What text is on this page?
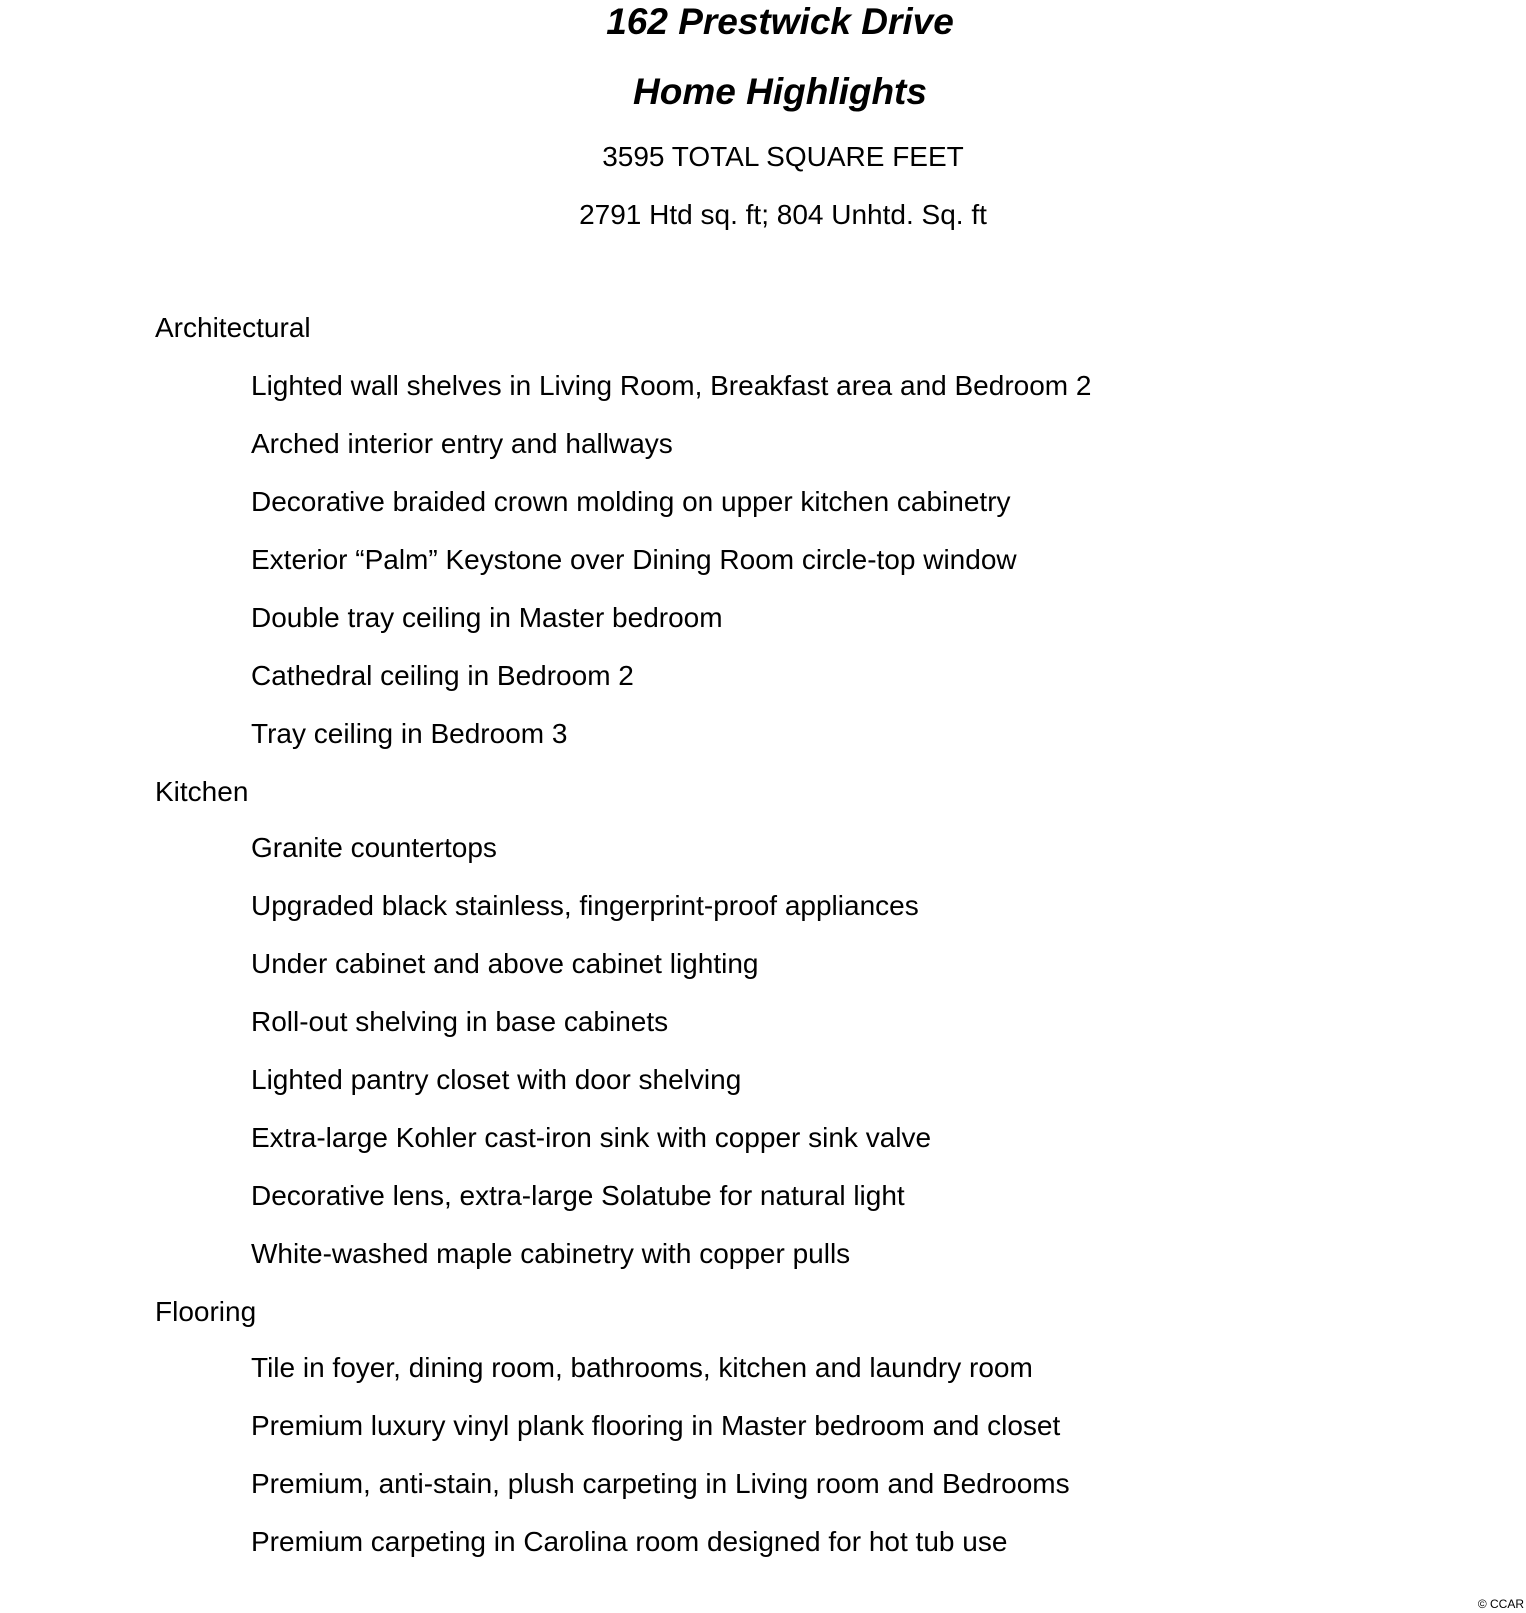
162 Prestwick Drive
Home Highlights

3595 TOTAL SQUARE FEET

2791 Htd sq. ft; 804 Unhtd. Sq. ft

Architectural

Lighted wall shelves in Living Room, Breakfast area and Bedroom 2

Arched interior entry and hallways

Decorative braided crown molding on upper kitchen cabinetry

Exterior “Palm” Keystone over Dining Room circle-top window

Double tray ceiling in Master bedroom

Cathedral ceiling in Bedroom 2

Tray ceiling in Bedroom 3

Kitchen

Granite countertops

Upgraded black stainless, fingerprint-proof appliances

Under cabinet and above cabinet lighting

Roll-out shelving in base cabinets

Lighted pantry closet with door shelving

Extra-large Kohler cast-iron sink with copper sink valve

Decorative lens, extra-large Solatube for natural light

White-washed maple cabinetry with copper pulls

Flooring

Tile in foyer, dining room, bathrooms, kitchen and laundry room

Premium luxury vinyl plank flooring in Master bedroom and closet

Premium, anti-stain, plush carpeting in Living room and Bedrooms

Premium carpeting in Carolina room designed for hot tub use

© CCAR
